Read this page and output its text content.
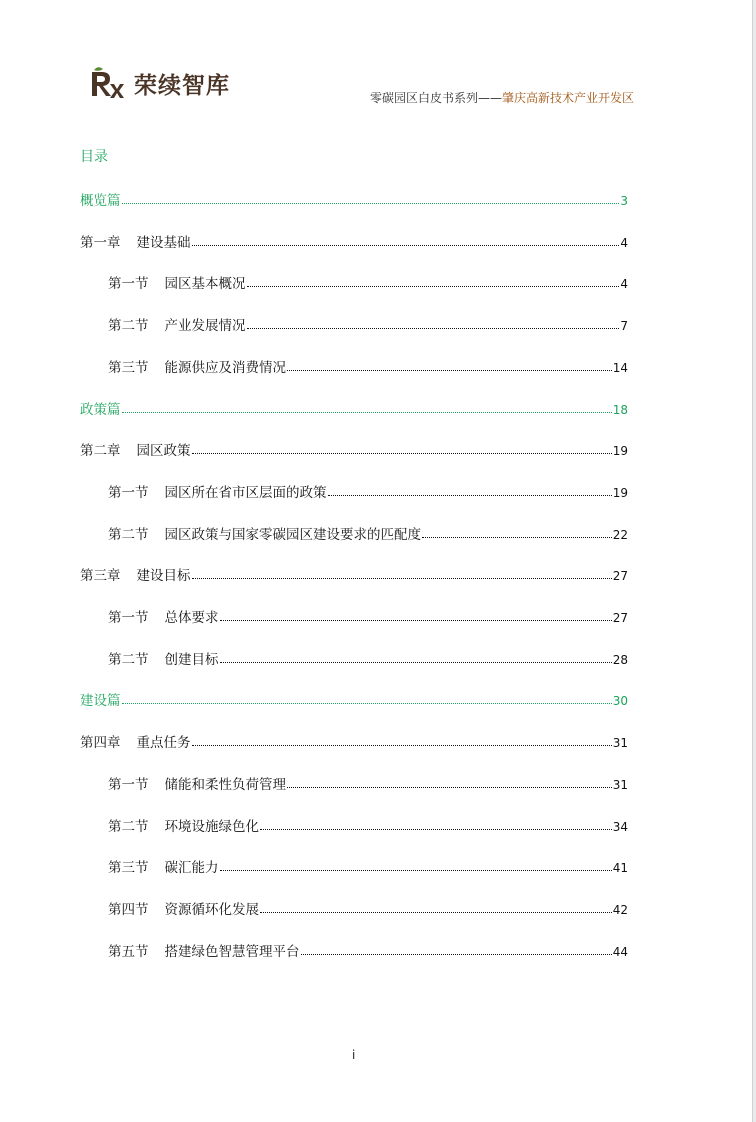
荣续智库	零碳园区白皮书系列——肇庆高新技术产业开发区
目录
概览篇	3
第一章 建设基础	4
第一节 园区基本概况	4
第二节 产业发展情况	7
第三节 能源供应及消费情况	14
政策篇	18
第二章 园区政策	19
第一节 园区所在省市区层面的政策	19
第二节 园区政策与国家零碳园区建设要求的匹配度	22
第三章 建设目标	27
第一节 总体要求	27
第二节 创建目标	28
建设篇	30
第四章 重点任务	31
第一节 储能和柔性负荷管理	31
第二节 环境设施绿色化	34
第三节 碳汇能力	41
第四节 资源循环化发展	42
第五节 搭建绿色智慧管理平台	44
i
